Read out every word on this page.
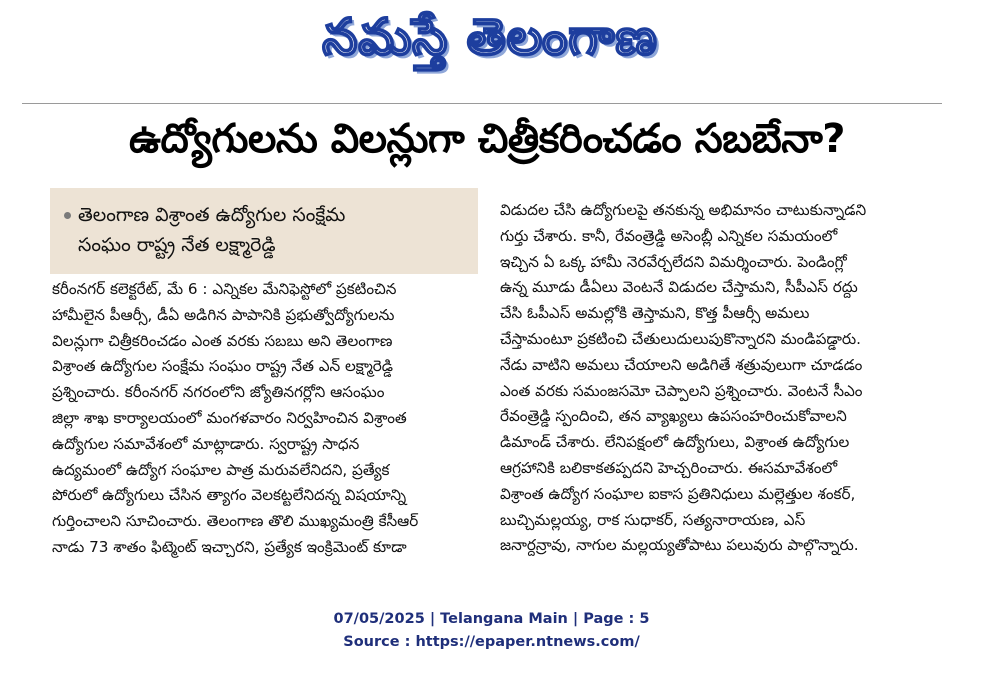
నమస్తే తెలంగాణ
ఉద్యోగులను విలన్లుగా చిత్రీకరించడం సబబేనా?
తెలంగాణ విశ్రాంత ఉద్యోగుల సంక్షేమ
సంఘం రాష్ట్ర నేత లక్ష్మారెడ్డి
కరీంనగర్ కలెక్టరేట్, మే 6 : ఎన్నికల మేనిఫెస్టోలో ప్రకటించిన
హామీలైన పీఆర్సీ, డీఏ అడిగిన పాపానికి ప్రభుత్వోద్యోగులను
విలన్లుగా చిత్రీకరించడం ఎంత వరకు సబబు అని తెలంగాణ
విశ్రాంత ఉద్యోగుల సంక్షేమ సంఘం రాష్ట్ర నేత ఎన్ లక్ష్మారెడ్డి
ప్రశ్నించారు. కరీంనగర్ నగరంలోని జ్యోతినగర్లోని ఆసంఘం
జిల్లా శాఖ కార్యాలయంలో మంగళవారం నిర్వహించిన విశ్రాంత
ఉద్యోగుల సమావేశంలో మాట్లాడారు. స్వరాష్ట్ర సాధన
ఉద్యమంలో ఉద్యోగ సంఘాల పాత్ర మరువలేనిదని, ప్రత్యేక
పోరులో ఉద్యోగులు చేసిన త్యాగం వెలకట్టలేనిదన్న విషయాన్ని
గుర్తించాలని సూచించారు. తెలంగాణ తొలి ముఖ్యమంత్రి కేసీఆర్
నాడు 73 శాతం ఫిట్మెంట్ ఇచ్చారని, ప్రత్యేక ఇంక్రిమెంట్ కూడా
విడుదల చేసి ఉద్యోగులపై తనకున్న అభిమానం చాటుకున్నాడని
గుర్తు చేశారు. కానీ, రేవంత్రెడ్డి అసెంబ్లీ ఎన్నికల సమయంలో
ఇచ్చిన ఏ ఒక్క హామీ నెరవేర్చలేదని విమర్శించారు. పెండింగ్లో
ఉన్న మూడు డీఏలు వెంటనే విడుదల చేస్తామని, సీపీఎస్ రద్దు
చేసి ఓపీఎస్ అమల్లోకి తెస్తామని, కొత్త పీఆర్సీ అమలు
చేస్తామంటూ ప్రకటించి చేతులుదులుపుకొన్నారని మండిపడ్డారు.
నేడు వాటిని అమలు చేయాలని అడిగితే శత్రువులుగా చూడడం
ఎంత వరకు సమంజసమో చెప్పాలని ప్రశ్నించారు. వెంటనే సీఎం
రేవంత్రెడ్డి స్పందించి, తన వ్యాఖ్యలు ఉపసంహరించుకోవాలని
డిమాండ్ చేశారు. లేనిపక్షంలో ఉద్యోగులు, విశ్రాంత ఉద్యోగుల
ఆగ్రహానికి బలికాకతప్పదని హెచ్చరించారు. ఈసమావేశంలో
విశ్రాంత ఉద్యోగ సంఘాల ఐకాస ప్రతినిధులు మల్లెత్తుల శంకర్,
బుచ్చిమల్లయ్య, రాక సుధాకర్, సత్యనారాయణ, ఎస్
జనార్దన్రావు, నాగుల మల్లయ్యతోపాటు పలువురు పాల్గొన్నారు.
07/05/2025 | Telangana Main | Page : 5
Source : https://epaper.ntnews.com/
